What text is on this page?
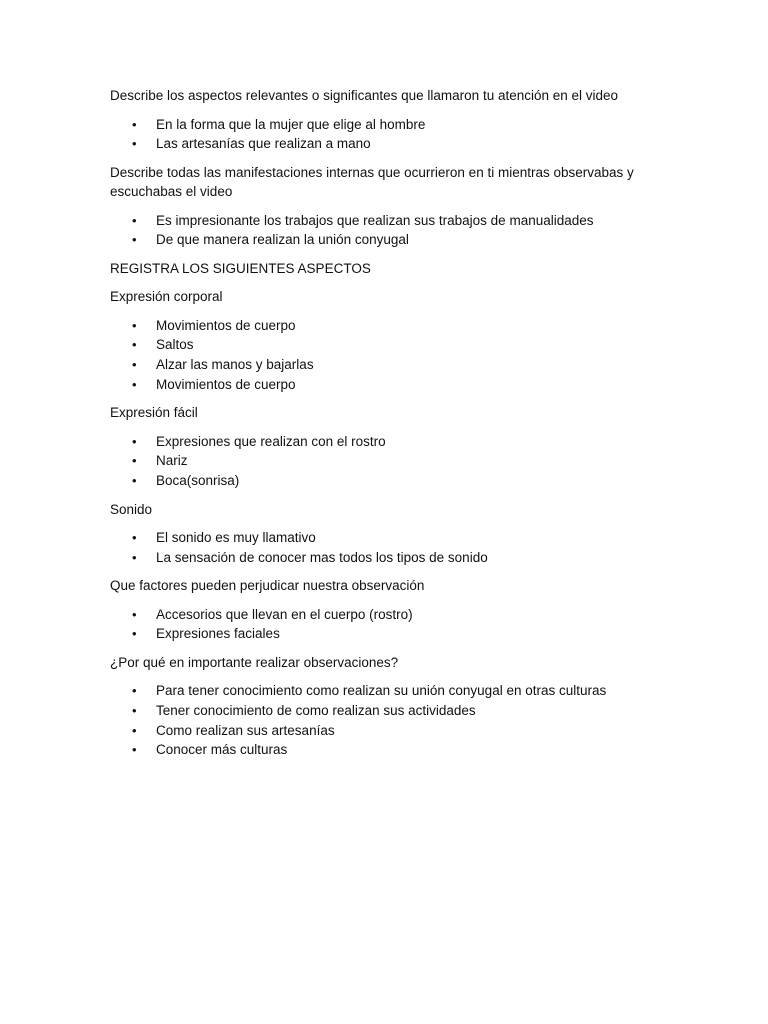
Describe los aspectos relevantes o significantes que llamaron tu atención en el video

• En la forma que la mujer que elige al hombre
• Las artesanías que realizan a mano

Describe todas las manifestaciones internas que ocurrieron en ti mientras observabas y escuchabas el video

• Es impresionante los trabajos que realizan sus trabajos de manualidades
• De que manera realizan la unión conyugal

REGISTRA LOS SIGUIENTES ASPECTOS

Expresión corporal

• Movimientos de cuerpo
• Saltos
• Alzar las manos y bajarlas
• Movimientos de cuerpo

Expresión fácil

• Expresiones que realizan con el rostro
• Nariz
• Boca(sonrisa)

Sonido

• El sonido es muy llamativo
• La sensación de conocer mas todos los tipos de sonido

Que factores pueden perjudicar nuestra observación

• Accesorios que llevan en el cuerpo (rostro)
• Expresiones faciales

¿Por qué en importante realizar observaciones?

• Para tener conocimiento como realizan su unión conyugal en otras culturas
• Tener conocimiento de como realizan sus actividades
• Como realizan sus artesanías
• Conocer más culturas
